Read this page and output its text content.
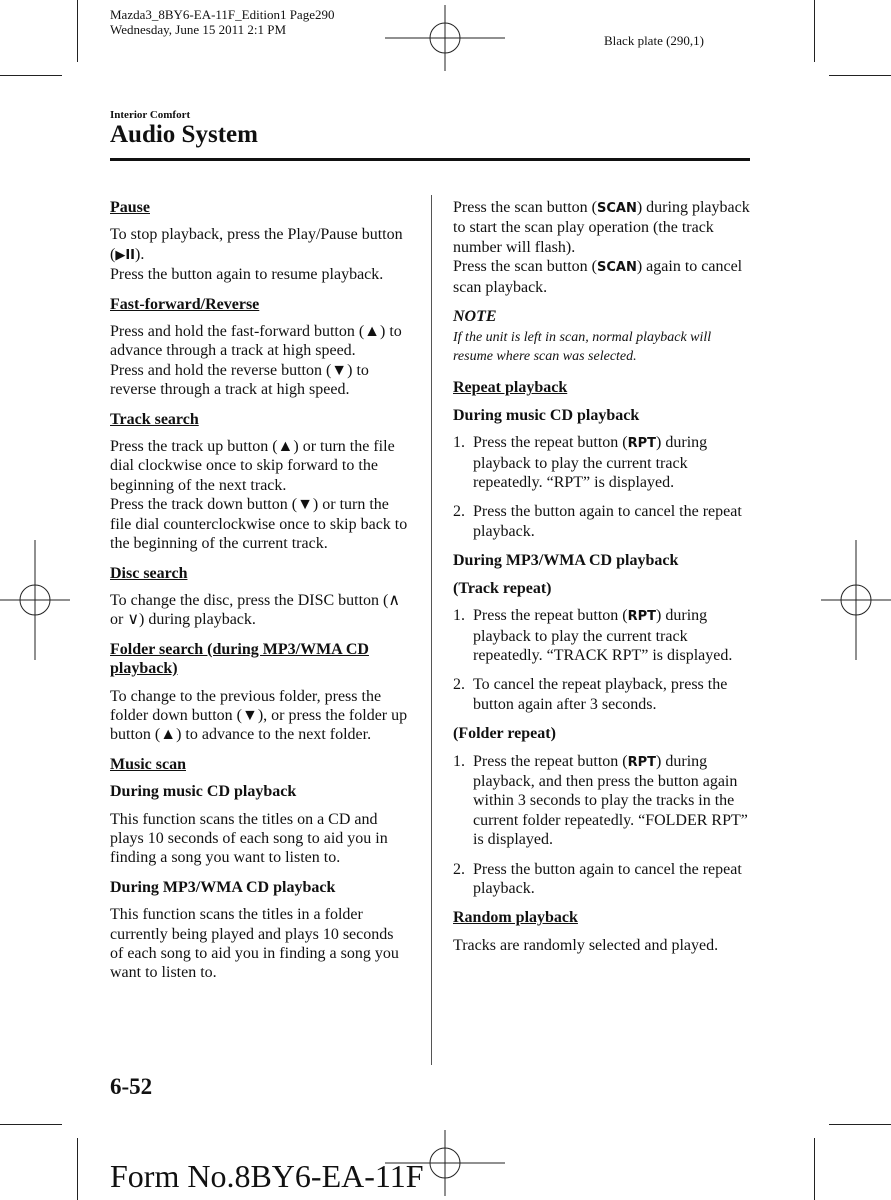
Mazda3_8BY6-EA-11F_Edition1 Page290
Wednesday, June 15 2011 2:1 PM
Black plate (290,1)
Interior Comfort
Audio System

Pause

To stop playback, press the Play/Pause button (▶II).
Press the button again to resume playback.

Fast-forward/Reverse

Press and hold the fast-forward button (▲) to advance through a track at high speed.
Press and hold the reverse button (▼) to reverse through a track at high speed.

Track search

Press the track up button (▲) or turn the file dial clockwise once to skip forward to the beginning of the next track.
Press the track down button (▼) or turn the file dial counterclockwise once to skip back to the beginning of the current track.

Disc search

To change the disc, press the DISC button (∧ or ∨) during playback.

Folder search (during MP3/WMA CD playback)

To change to the previous folder, press the folder down button (▼), or press the folder up button (▲) to advance to the next folder.

Music scan

During music CD playback

This function scans the titles on a CD and plays 10 seconds of each song to aid you in finding a song you want to listen to.

During MP3/WMA CD playback

This function scans the titles in a folder currently being played and plays 10 seconds of each song to aid you in finding a song you want to listen to.

Press the scan button (SCAN) during playback to start the scan play operation (the track number will flash).
Press the scan button (SCAN) again to cancel scan playback.

NOTE

If the unit is left in scan, normal playback will resume where scan was selected.

Repeat playback

During music CD playback

1. Press the repeat button (RPT) during playback to play the current track repeatedly. “RPT” is displayed.
2. Press the button again to cancel the repeat playback.

During MP3/WMA CD playback

(Track repeat)

1. Press the repeat button (RPT) during playback to play the current track repeatedly. “TRACK RPT” is displayed.
2. To cancel the repeat playback, press the button again after 3 seconds.

(Folder repeat)

1. Press the repeat button (RPT) during playback, and then press the button again within 3 seconds to play the tracks in the current folder repeatedly. “FOLDER RPT” is displayed.
2. Press the button again to cancel the repeat playback.

Random playback

Tracks are randomly selected and played.

6-52
Form No.8BY6-EA-11F
